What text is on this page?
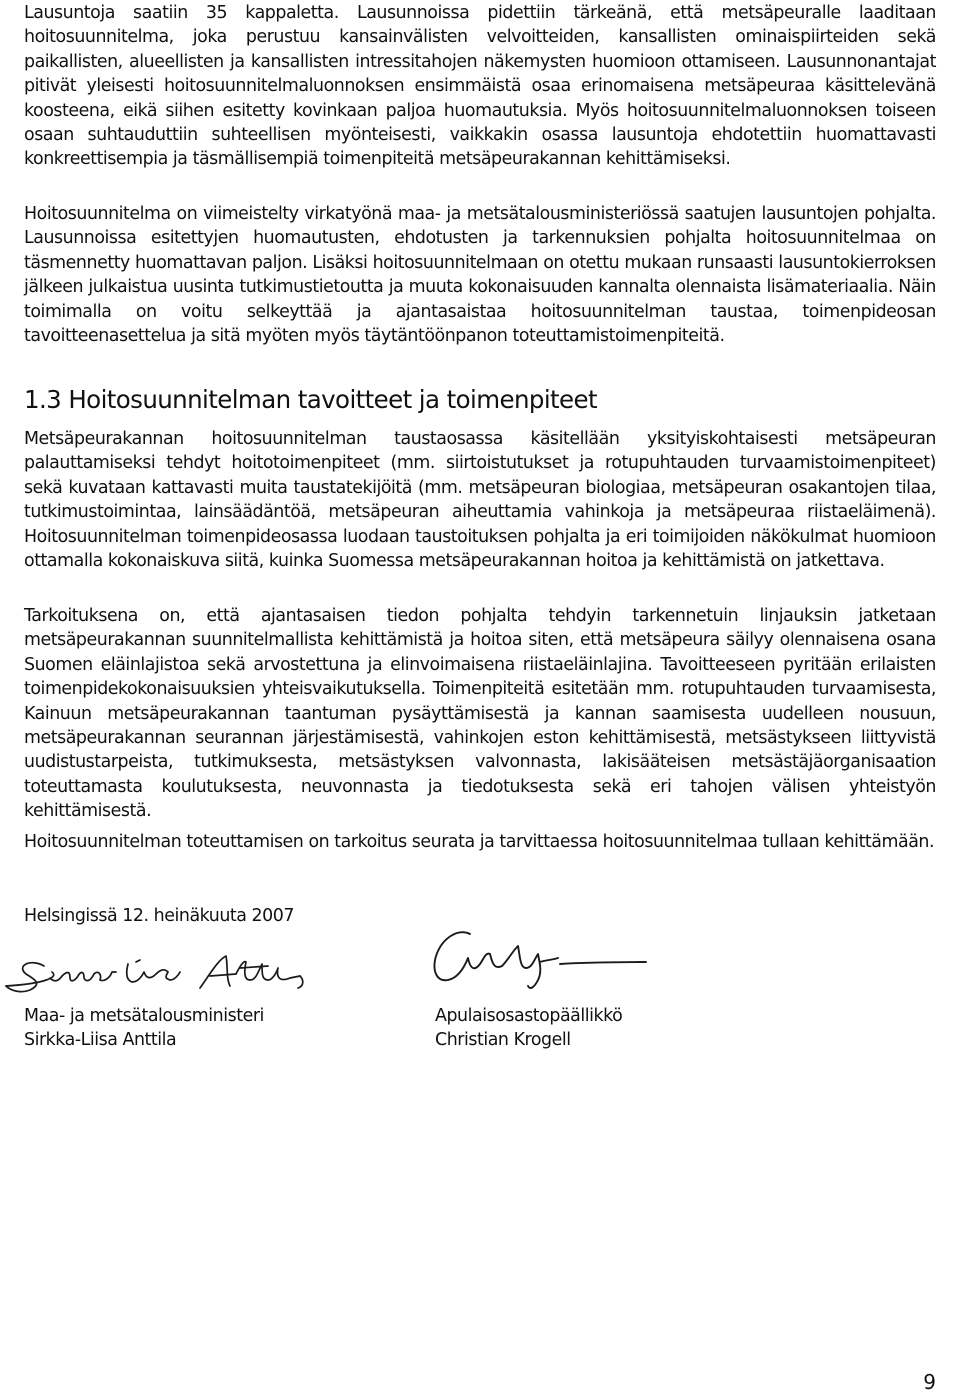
Lausuntoja saatiin 35 kappaletta. Lausunnoissa pidettiin tärkeänä, että metsäpeuralle laaditaan hoitosuunnitelma, joka perustuu kansainvälisten velvoitteiden, kansallisten ominaispiirteiden sekä paikallisten, alueellisten ja kansallisten intressitahojen näkemysten huomioon ottamiseen. Lausunnonantajat pitivät yleisesti hoitosuunnitelmaluonnoksen ensimmäistä osaa erinomaisena metsäpeuraa käsittelevänä koosteena, eikä siihen esitetty kovinkaan paljoa huomautuksia. Myös hoitosuunnitelmaluonnoksen toiseen osaan suhtauduttiin suhteellisen myönteisesti, vaikkakin osassa lausuntoja ehdotettiin huomattavasti konkreettisempia ja täsmällisempiä toimenpiteitä metsäpeurakannan kehittämiseksi.

Hoitosuunnitelma on viimeistelty virkatyönä maa- ja metsätalousministeriössä saatujen lausuntojen pohjalta. Lausunnoissa esitettyjen huomautusten, ehdotusten ja tarkennuksien pohjalta hoitosuunnitelmaa on täsmennetty huomattavan paljon. Lisäksi hoitosuunnitelmaan on otettu mukaan runsaasti lausuntokierroksen jälkeen julkaistua uusinta tutkimustietoutta ja muuta kokonaisuuden kannalta olennaista lisämateriaalia. Näin toimimalla on voitu selkeyttää ja ajantasaistaa hoitosuunnitelman taustaa, toimenpideosan tavoitteenasettelua ja sitä myöten myös täytäntöönpanon toteuttamistoimenpiteitä.

1.3 Hoitosuunnitelman tavoitteet ja toimenpiteet

Metsäpeurakannan hoitosuunnitelman taustaosassa käsitellään yksityiskohtaisesti metsäpeuran palauttamiseksi tehdyt hoitotoimenpiteet (mm. siirtoistutukset ja rotupuhtauden turvaamistoimenpiteet) sekä kuvataan kattavasti muita taustatekijöitä (mm. metsäpeuran biologiaa, metsäpeuran osakantojen tilaa, tutkimustoimintaa, lainsäädäntöä, metsäpeuran aiheuttamia vahinkoja ja metsäpeuraa riistaeläimenä). Hoitosuunnitelman toimenpideosassa luodaan taustoituksen pohjalta ja eri toimijoiden näkökulmat huomioon ottamalla kokonaiskuva siitä, kuinka Suomessa metsäpeurakannan hoitoa ja kehittämistä on jatkettava.

Tarkoituksena on, että ajantasaisen tiedon pohjalta tehdyin tarkennetuin linjauksin jatketaan metsäpeurakannan suunnitelmallista kehittämistä ja hoitoa siten, että metsäpeura säilyy olennaisena osana Suomen eläinlajistoa sekä arvostettuna ja elinvoimaisena riistaeläinlajina. Tavoitteeseen pyritään erilaisten toimenpidekokonaisuuksien yhteisvaikutuksella. Toimenpiteitä esitetään mm. rotupuhtauden turvaamisesta, Kainuun metsäpeurakannan taantuman pysäyttämisestä ja kannan saamisesta uudelleen nousuun, metsäpeurakannan seurannan järjestämisestä, vahinkojen eston kehittämisestä, metsästykseen liittyvistä uudistustarpeista, tutkimuksesta, metsästyksen valvonnasta, lakisääteisen metsästäjäorganisaation toteuttamasta koulutuksesta, neuvonnasta ja tiedotuksesta sekä eri tahojen välisen yhteistyön kehittämisestä.

Hoitosuunnitelman toteuttamisen on tarkoitus seurata ja tarvittaessa hoitosuunnitelmaa tullaan kehittämään.

Helsingissä 12. heinäkuuta 2007

Maa- ja metsätalousministeri
Sirkka-Liisa Anttila
Apulaisosastopäällikkö
Christian Krogell
9
